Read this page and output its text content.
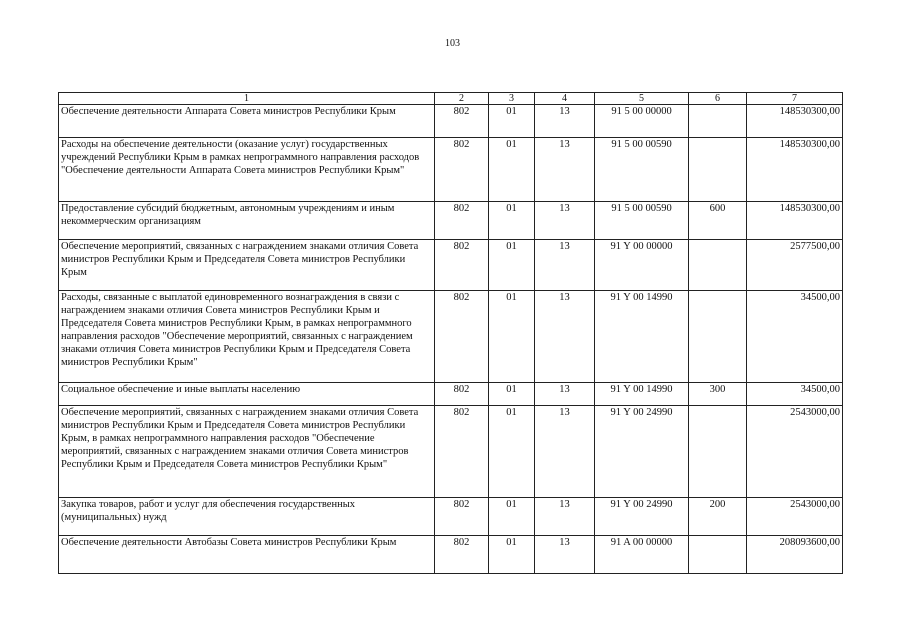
103
1	2	3	4	5	6	7
Обеспечение деятельности Аппарата Совета министров Республики Крым	802	01	13	91 5 00 00000		148530300,00
Расходы на обеспечение деятельности (оказание услуг) государственных учреждений Республики Крым в рамках непрограммного направления расходов "Обеспечение деятельности Аппарата Совета министров Республики Крым"	802	01	13	91 5 00 00590		148530300,00
Предоставление субсидий бюджетным, автономным учреждениям и иным некоммерческим организациям	802	01	13	91 5 00 00590	600	148530300,00
Обеспечение мероприятий, связанных с награждением знаками отличия Совета министров Республики Крым и Председателя Совета министров Республики Крым	802	01	13	91 Y 00 00000		2577500,00
Расходы, связанные с выплатой единовременного вознаграждения в связи с награждением знаками отличия Совета министров Республики Крым и Председателя Совета министров Республики Крым, в рамках непрограммного направления расходов "Обеспечение мероприятий, связанных с награждением знаками отличия Совета министров Республики Крым и Председателя Совета министров Республики Крым"	802	01	13	91 Y 00 14990		34500,00
Социальное обеспечение и иные выплаты населению	802	01	13	91 Y 00 14990	300	34500,00
Обеспечение мероприятий, связанных с награждением знаками отличия Совета министров Республики Крым и Председателя Совета министров Республики Крым, в рамках непрограммного направления расходов "Обеспечение мероприятий, связанных с награждением знаками отличия Совета министров Республики Крым и Председателя Совета министров Республики Крым"	802	01	13	91 Y 00 24990		2543000,00
Закупка товаров, работ и услуг для обеспечения государственных (муниципальных) нужд	802	01	13	91 Y 00 24990	200	2543000,00
Обеспечение деятельности Автобазы Совета министров Республики Крым	802	01	13	91 A 00 00000		208093600,00
